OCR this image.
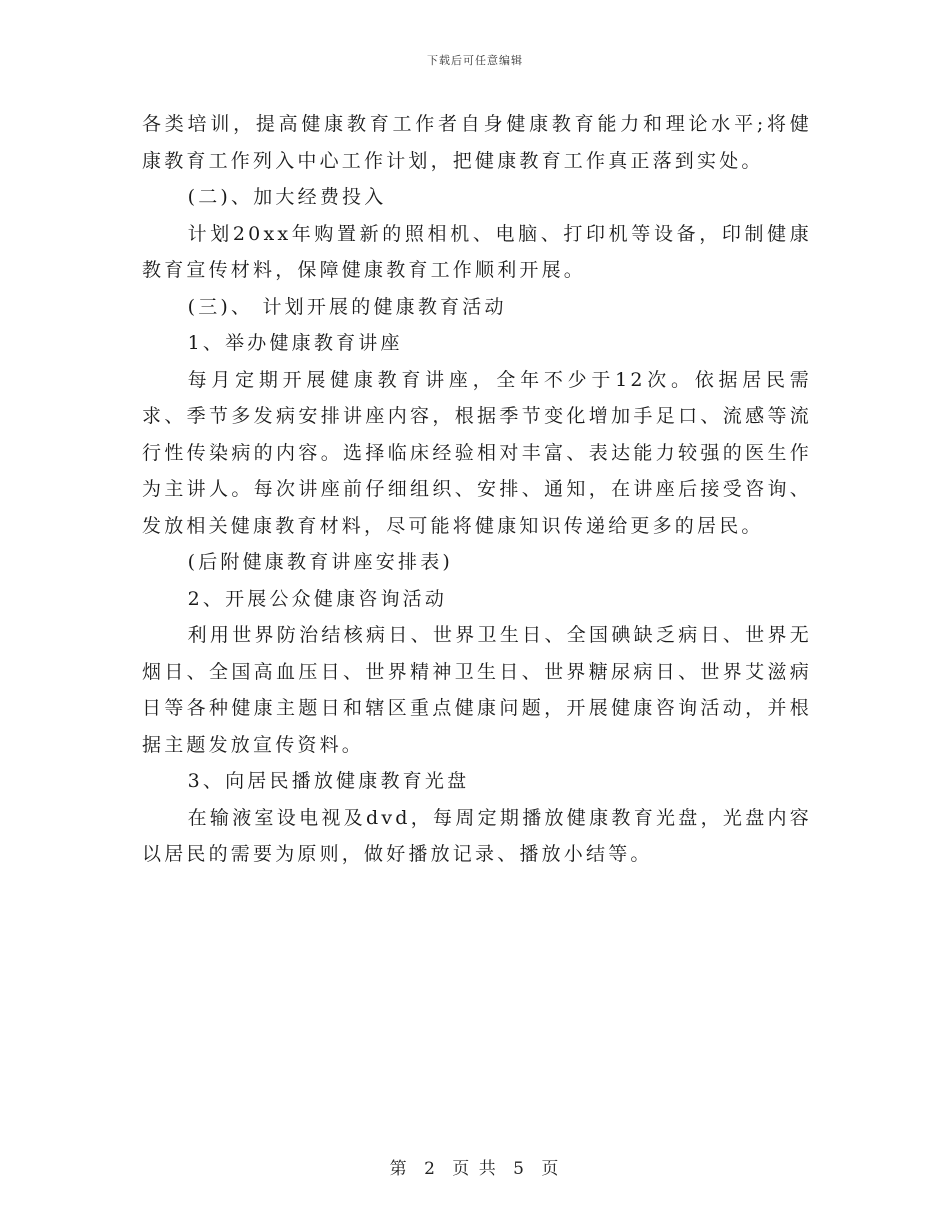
下载后可任意编辑

各类培训，提高健康教育工作者自身健康教育能力和理论水平;将健康教育工作列入中心工作计划，把健康教育工作真正落到实处。

(二)、加大经费投入

计划20xx年购置新的照相机、电脑、打印机等设备，印制健康教育宣传材料，保障健康教育工作顺利开展。

(三)、 计划开展的健康教育活动

1、举办健康教育讲座

每月定期开展健康教育讲座，全年不少于12次。依据居民需求、季节多发病安排讲座内容，根据季节变化增加手足口、流感等流行性传染病的内容。选择临床经验相对丰富、表达能力较强的医生作为主讲人。每次讲座前仔细组织、安排、通知，在讲座后接受咨询、发放相关健康教育材料，尽可能将健康知识传递给更多的居民。

(后附健康教育讲座安排表)

2、开展公众健康咨询活动

利用世界防治结核病日、世界卫生日、全国碘缺乏病日、世界无烟日、全国高血压日、世界精神卫生日、世界糖尿病日、世界艾滋病日等各种健康主题日和辖区重点健康问题，开展健康咨询活动，并根据主题发放宣传资料。

3、向居民播放健康教育光盘

在输液室设电视及dvd，每周定期播放健康教育光盘，光盘内容以居民的需要为原则，做好播放记录、播放小结等。

第 2 页 共 5 页
